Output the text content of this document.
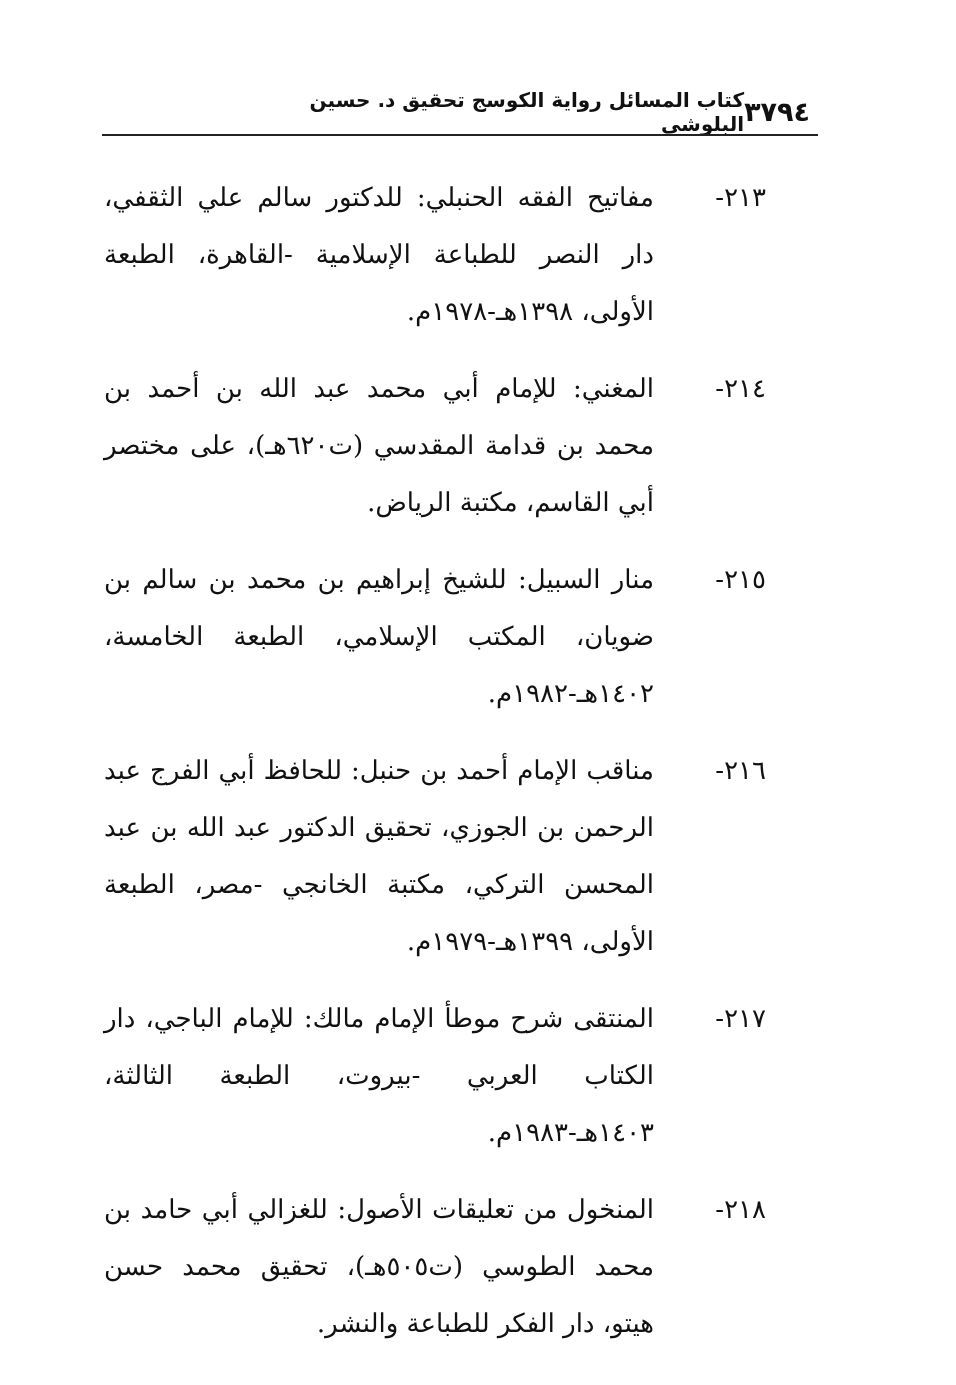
٣٧٩٤
كتاب المسائل رواية الكوسج تحقيق د. حسين البلوشي
٢١٣-
مفاتيح الفقه الحنبلي: للدكتور سالم علي الثقفي، دار النصر للطباعة الإسلامية -القاهرة، الطبعة الأولى، ١٣٩٨هـ-١٩٧٨م.
٢١٤-
المغني: للإمام أبي محمد عبد الله بن أحمد بن محمد بن قدامة المقدسي (ت٦٢٠هـ)، على مختصر أبي القاسم، مكتبة الرياض.
٢١٥-
منار السبيل: للشيخ إبراهيم بن محمد بن سالم بن ضويان، المكتب الإسلامي، الطبعة الخامسة، ١٤٠٢هـ-١٩٨٢م.
٢١٦-
مناقب الإمام أحمد بن حنبل: للحافظ أبي الفرج عبد الرحمن بن الجوزي، تحقيق الدكتور عبد الله بن عبد المحسن التركي، مكتبة الخانجي -مصر، الطبعة الأولى، ١٣٩٩هـ-١٩٧٩م.
٢١٧-
المنتقى شرح موطأ الإمام مالك: للإمام الباجي، دار الكتاب العربي -بيروت، الطبعة الثالثة، ١٤٠٣هـ-١٩٨٣م.
٢١٨-
المنخول من تعليقات الأصول: للغزالي أبي حامد بن محمد الطوسي (ت٥٠٥هـ)، تحقيق محمد حسن هيتو، دار الفكر للطباعة والنشر.
